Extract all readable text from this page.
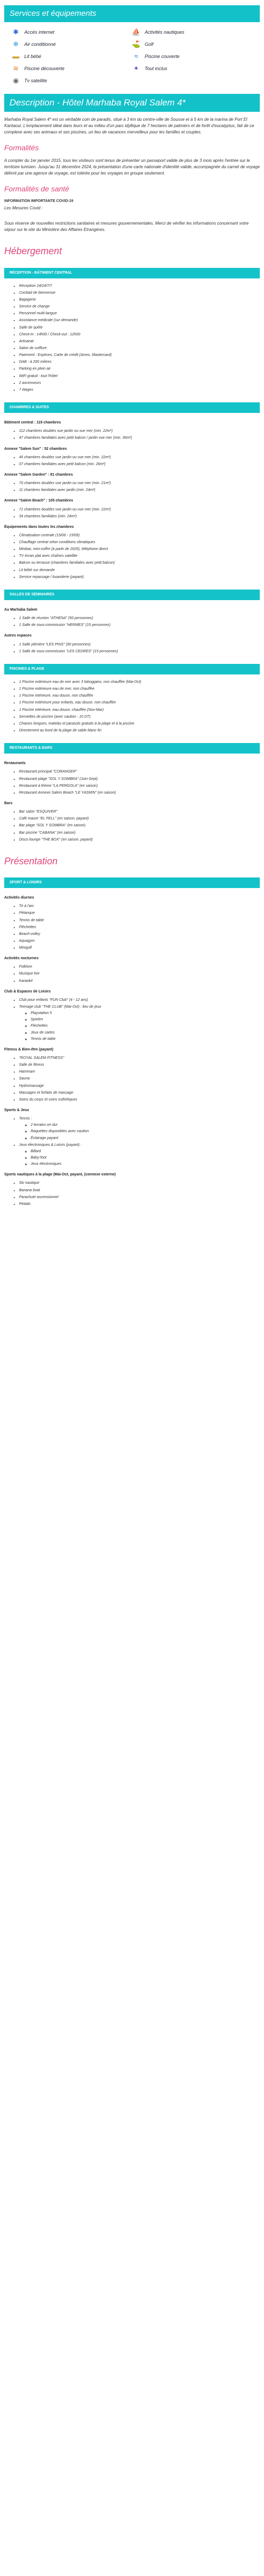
Services et équipements
✱ Accès internet	⛵ Activités nautiques
❄ Air conditionné	⛳ Golf
▬ Lit bébé	≈	Piscine couverte
≋ Piscine découverte	✦ Tout inclus
◉ Tv satellite
Description - Hôtel Marhaba Royal Salem 4*

Marhaba Royal Salem 4* est un véritable coin de paradis, situé à 3 km du centre-ville de Sousse et à 5 km de la marina de Port El Kantaoui. L'emplacement idéal dans leurs et au milieu d'un parc idyllique de 7 hectares de palmiers et de forêt d'eucalyptus, fait de ce complexe avec ses animaux et ses piscines, un lieu de vacances merveilleux pour les familles et couples.

Formalités

A compter du 1er janvier 2015, tous les visiteurs sont tenus de présenter un passeport valide de plus de 3 mois après l'entrée sur le territoire tunisien. Jusqu'au 31 décembre 2024, la présentation d'une carte nationale d'identité valide, accompagnée du carnet de voyage délivré par une agence de voyage, est tolérée pour les voyages en groupe seulement.

Formalités de santé
INFORMATION IMPORTANTE COVID-19

Les Mesures Covid :

Sous réserve de nouvelles restrictions sanitaires et mesures gouvernementales. Merci de vérifier les informations concernant votre séjour sur le site du Ministère des Affaires Etrangères.

Hébergement
RÉCEPTION - BÂTIMENT CENTRAL
• Réception 24/24/7/7
• Cocktail de bienvenue
• Bagagerie
• Service de change
• Personnel multi-langue
• Assistance médicale (sur demande)
• Salle de quête
• Check-in : 14h00 / Check-out : 12h00
• Artisanat
• Salon de coiffure
• Paiement : Espèces, Carte de crédit (Amex, Mastercard)
• DAB - à 200 mètres
• Parking en plein air
• WiFi gratuit : tout l'hôtel
• 2 ascenseurs
• 7 étages
CHAMBRES & SUITES
Bâtiment central : 119 chambres
• 112 chambres doubles vue jardin ou vue mer (min. 22m²)
• 47 chambres familiales avec petit balcon / jardin vue mer (min. 36m²)
Annexe "Salem Sun" : 52 chambres
• 45 chambres doubles vue jardin ou vue mer (min. 22m²)
• 07 chambres familiales avec petit balcon (min. 26m²)
Annexe "Salem Garden" : 81 chambres
• 70 chambres doubles vue jardin ou vue mer (min. 21m²)
• 11 chambres familiales avec jardin (min. 24m²)
Annexe "Salem Beach" : 105 chambres
• 71 chambres doubles vue jardin ou vue mer (min. 22m²)
• 34 chambres familiales (min. 24m²)
Équipements dans toutes les chambres
• Climatisation centrale (15/06 - 15/09)
• Chauffage central selon conditions climatiques
• Minibar, mini-coffre (à partir de 2025), téléphone direct
• TV écran plat avec chaînes satellite
• Balcon ou terrasse (chambres familiales avec petit balcon)
• Lit bébé sur demande
• Service repassage / buanderie (payant)
SALLES DE SÉMINAIRES
Au Marhaba Salem
• 1 Salle de réunion "ATHENA" (50 personnes)
• 1 Salle de sous-commission "HERMES" (15 personnes)
Autres espaces
• 1 Salle plénière "LES PINS" (90 personnes)
• 1 Salle de sous-commission "LES CEDRES" (15 personnes)
PISCINES & PLAGE
• 1 Piscine extérieure eau de mer avec 3 toboggans, non chauffée (Mai-Oct)
• 1 Piscine extérieure eau de mer, non chauffée
• 1 Piscine intérieure, eau douce, non chauffée
• 1 Piscine extérieure pour enfants, eau douce, non chauffée
• 1 Piscine intérieure, eau douce, chauffée (Nov-Mar)
• Serviettes de piscine (avec caution : 10 DT)
• Chaises longues, matelas et parasols gratuits à la plage et à la piscine
• Directement au bord de la plage de sable blanc fin
RESTAURANTS & BARS
Restaurants
• Restaurant principal "CORANGER"
• Restaurant plage "SOL Y SOMBRA" (Juin-Sept)
• Restaurant à thème "LA PERGOLA" (en saison)
• Restaurant Annexe Salem Beach "LE YASMIN" (en saison)
Bars
• Bar salon "ESQUIVER"
• Café maure "EL FELL" (en saison, payant)
• Bar plage "SOL Y SOMBRA" (en saison)
• Bar piscine "CABANA" (en saison)
• Disco lounge "THE BOX" (en saison, payant)
Présentation
SPORT & LOISIRS
Activités diurnes
• Tir à l'arc
• Pétanque
• Tennis de table
• Fléchettes
• Beach-volley
• Aquagym
• Minigolf
Activités nocturnes
• Folklore
• Musique live
• Karaoké
Club & Espaces de Loisirs
• Club pour enfants "FUN Club" (4 - 12 ans)
• Teenage club "THE CLUB" (Mai-Oct) : lieu de jeux
◦ Playstation 5
◦ Spielen
◦ Fléchettes
◦ Jeux de cartes
◦ Tennis de table
Fitness & Bien-être (payant)
• "ROYAL SALEM FITNESS"
• Salle de fitness
• Hammam
• Sauna
• Hydromassage
• Massages et forfaits de massage
• Soins du corps et soins esthétiques
Sports & Jeux
• Tennis :
◦ 2 terrains en dur
◦ Raquettes disponibles avec caution
◦ Éclairage payant
• Jeux électroniques & Loisirs (payant) :
◦ Billard
◦ Baby-foot
◦ Jeux électroniques
Sports nautiques à la plage (Mai-Oct, payant, (connexe externe)
• Ski nautique
• Banana boat
• Parachute ascensionnel
• Pédalo
